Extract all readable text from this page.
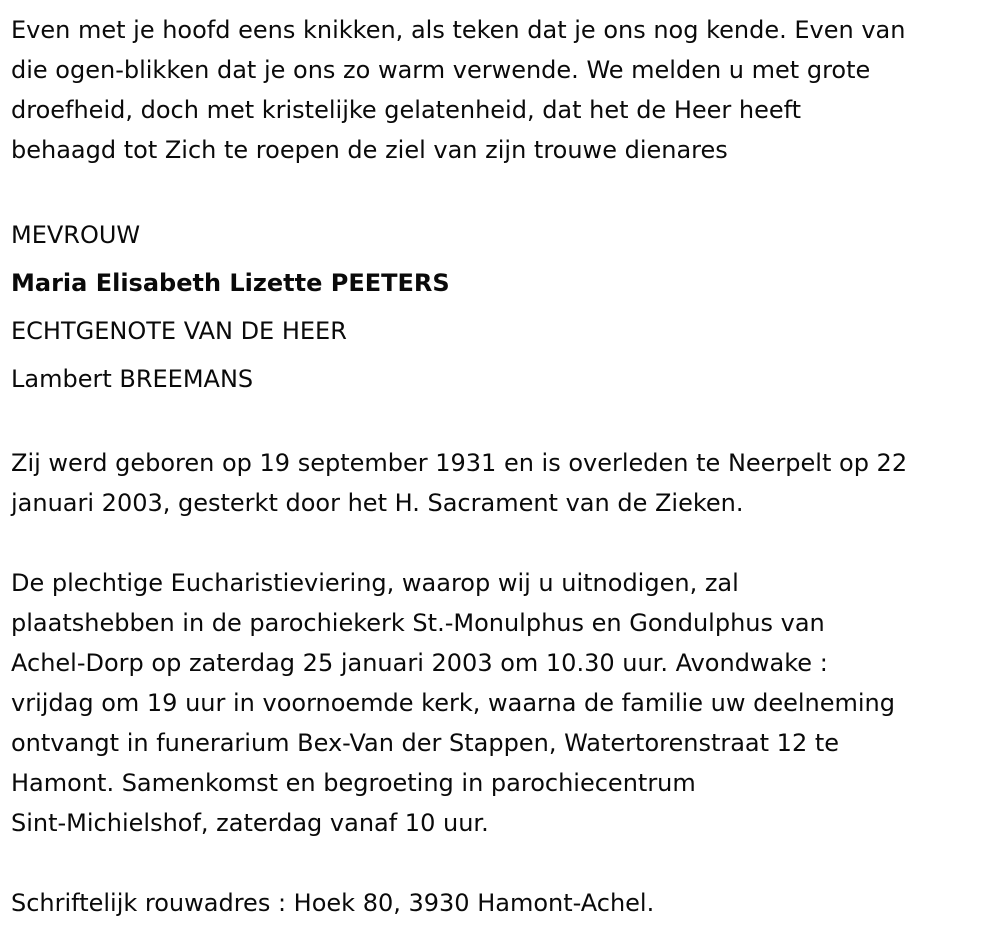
Even met je hoofd eens knikken, als teken dat je ons nog kende. Even van
die ogen-blikken dat je ons zo warm verwende. We melden u met grote
droefheid, doch met kristelijke gelatenheid, dat het de Heer heeft
behaagd tot Zich te roepen de ziel van zijn trouwe dienares

MEVROUW

Maria Elisabeth Lizette PEETERS

ECHTGENOTE VAN DE HEER

Lambert BREEMANS

Zij werd geboren op 19 september 1931 en is overleden te Neerpelt op 22
januari 2003, gesterkt door het H. Sacrament van de Zieken.

De plechtige Eucharistieviering, waarop wij u uitnodigen, zal
plaatshebben in de parochiekerk St.-Monulphus en Gondulphus van
Achel-Dorp op zaterdag 25 januari 2003 om 10.30 uur. Avondwake :
vrijdag om 19 uur in voornoemde kerk, waarna de familie uw deelneming
ontvangt in funerarium Bex-Van der Stappen, Watertorenstraat 12 te
Hamont. Samenkomst en begroeting in parochiecentrum
Sint-Michielshof, zaterdag vanaf 10 uur.

Schriftelijk rouwadres : Hoek 80, 3930 Hamont-Achel.
